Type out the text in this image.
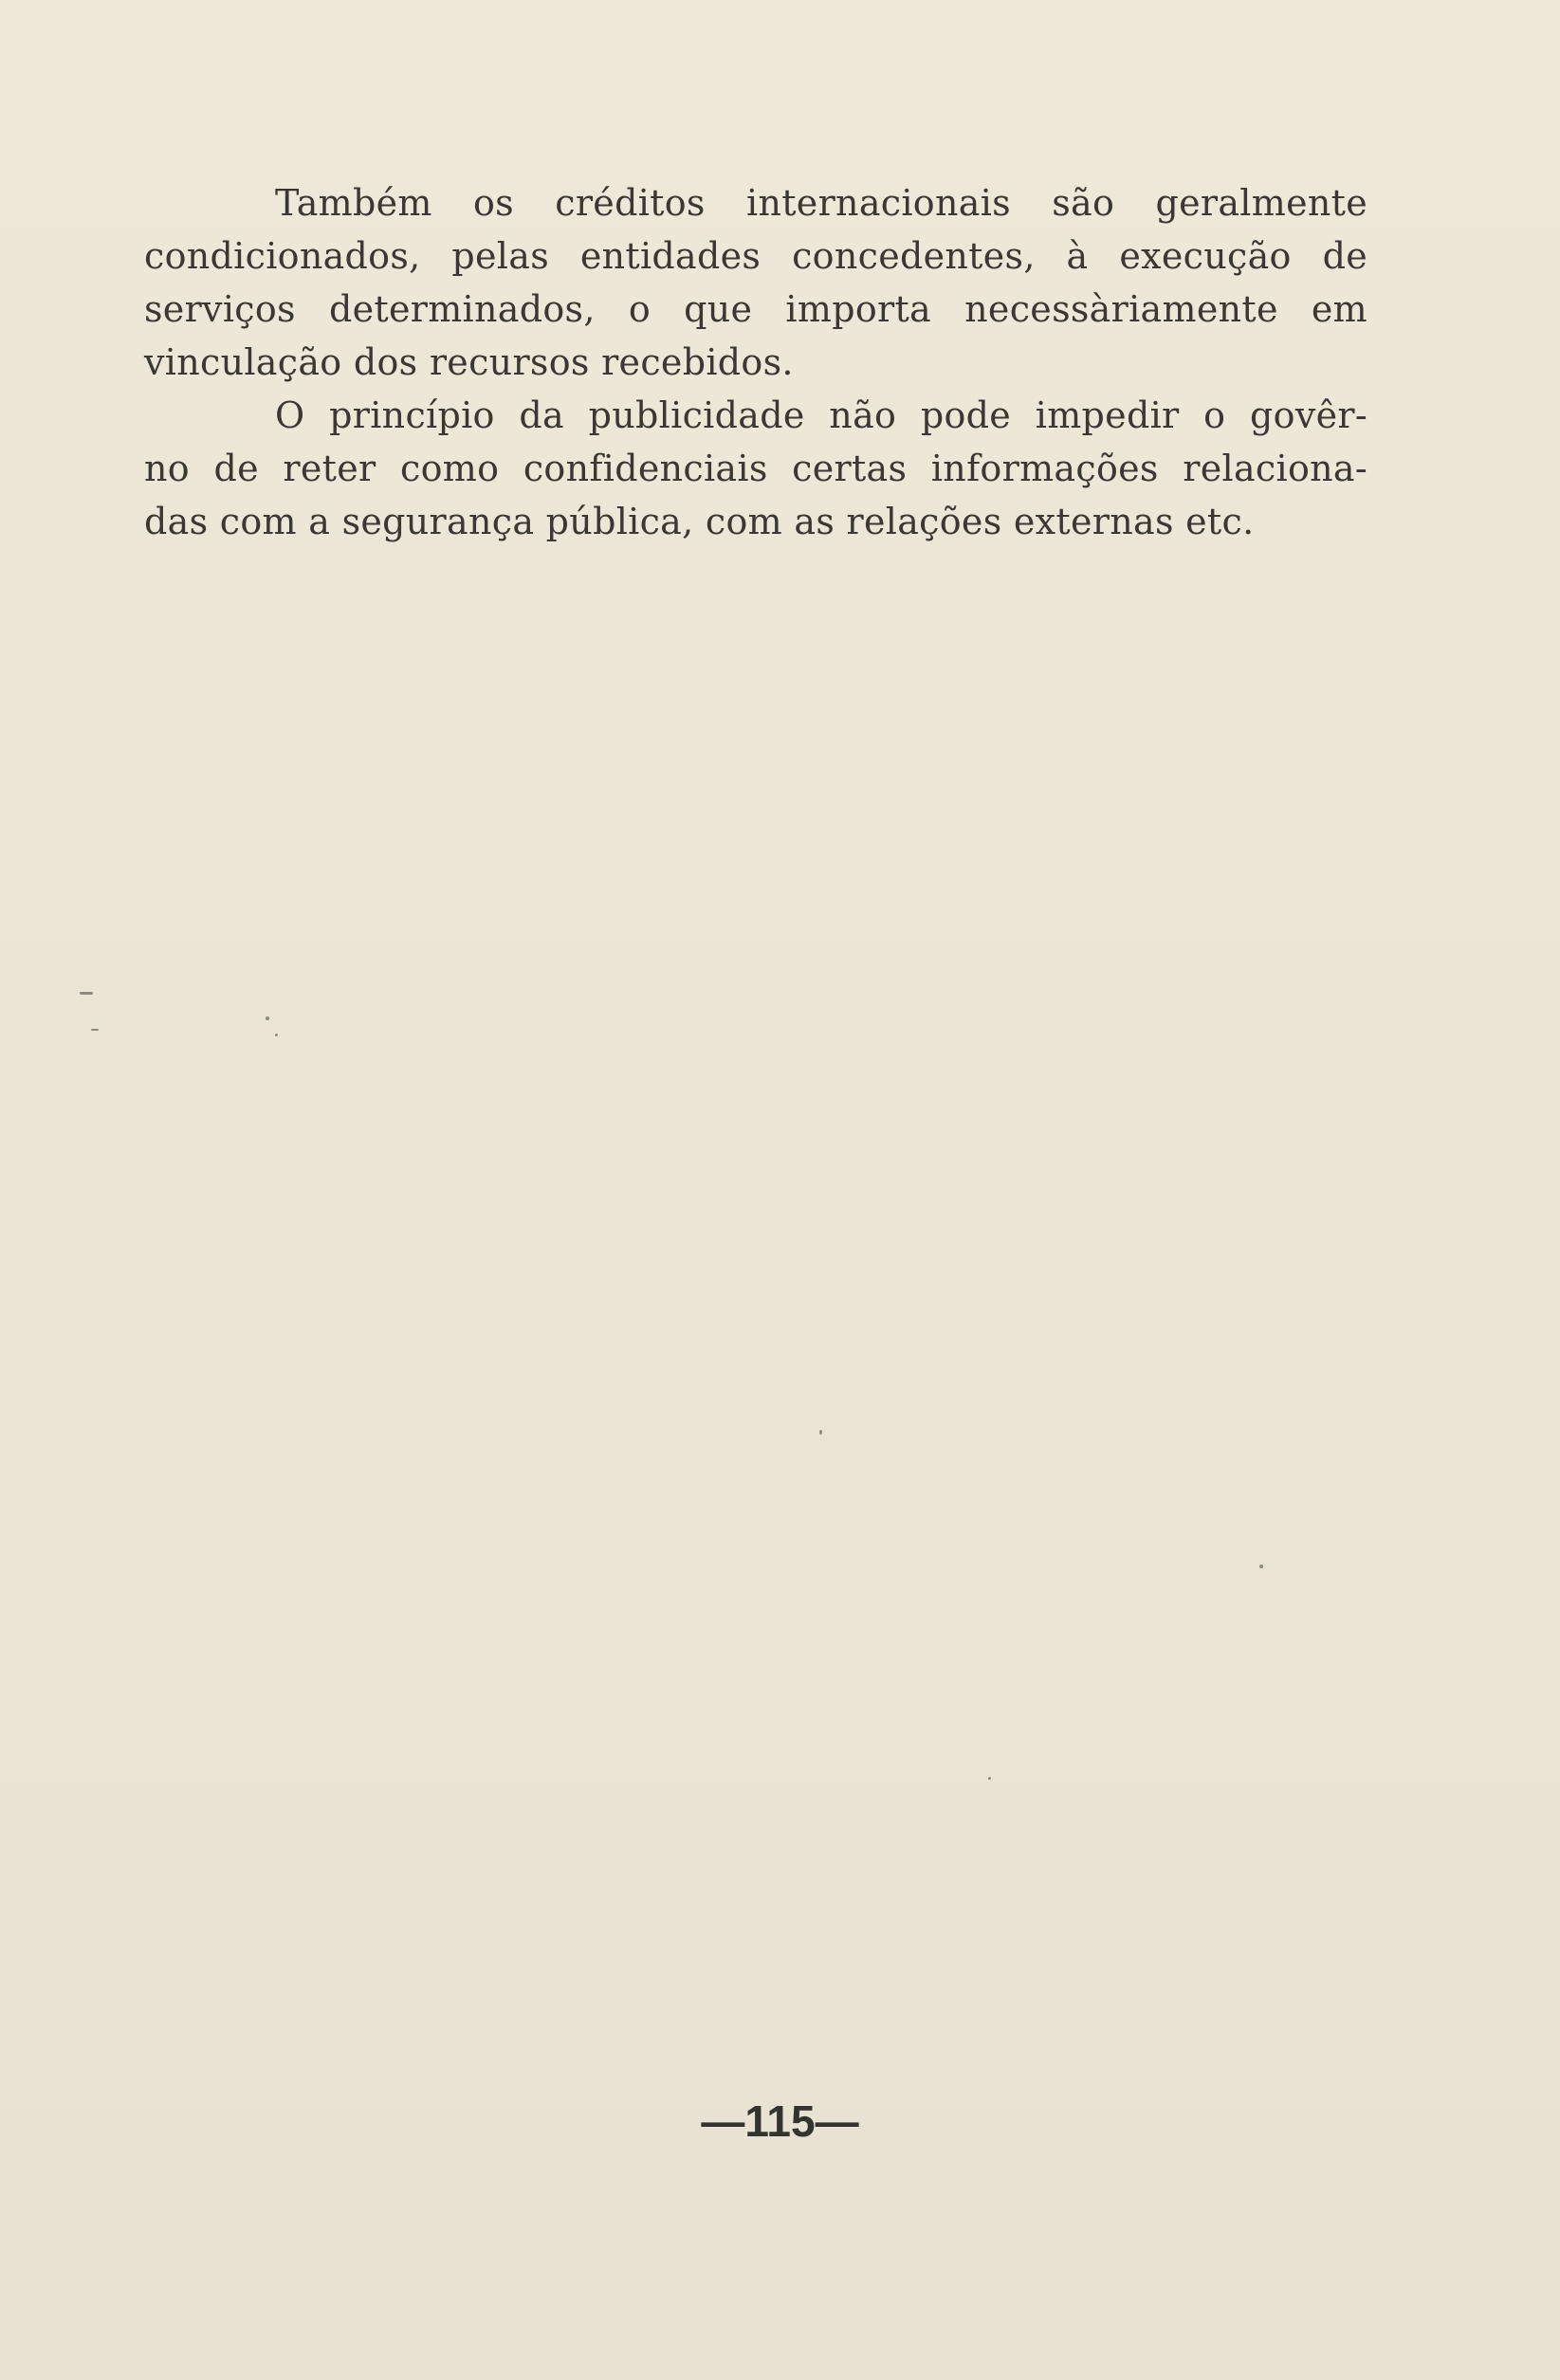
Também os créditos internacionais são geralmente
condicionados, pelas entidades concedentes, à execução de
serviços determinados, o que importa necessàriamente em
vinculação dos recursos recebidos.

O princípio da publicidade não pode impedir o govêr-
no de reter como confidenciais certas informações relaciona-
das com a segurança pública, com as relações externas etc.

—115—
